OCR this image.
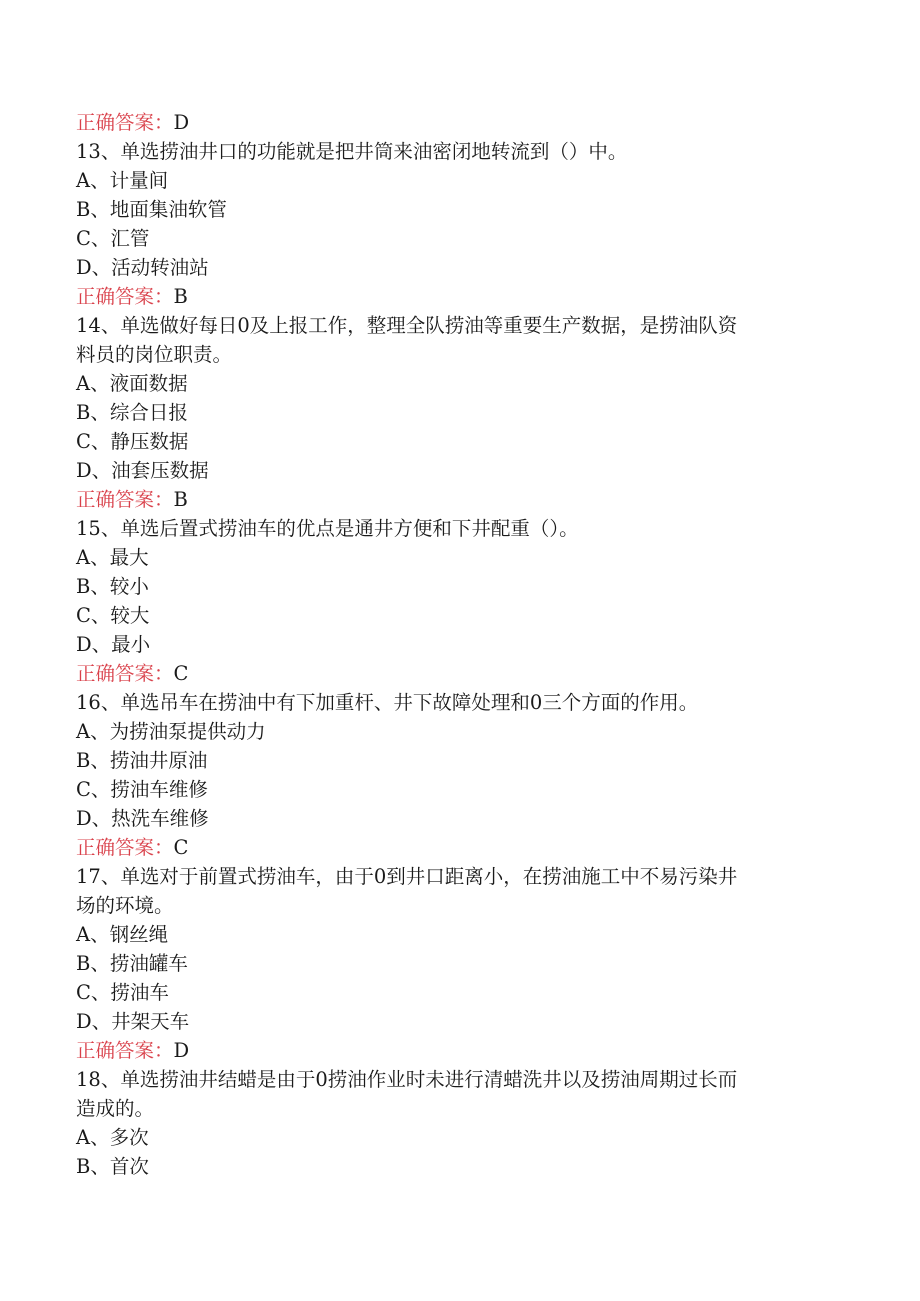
正确答案：D

13、单选捞油井口的功能就是把井筒来油密闭地转流到（）中。

A、计量间

B、地面集油软管

C、汇管

D、活动转油站

正确答案：B

14、单选做好每日0及上报工作，整理全队捞油等重要生产数据，是捞油队资

料员的岗位职责。

A、液面数据

B、综合日报

C、静压数据

D、油套压数据

正确答案：B

15、单选后置式捞油车的优点是通井方便和下井配重（）。

A、最大

B、较小

C、较大

D、最小

正确答案：C

16、单选吊车在捞油中有下加重杆、井下故障处理和0三个方面的作用。

A、为捞油泵提供动力

B、捞油井原油

C、捞油车维修

D、热洗车维修

正确答案：C

17、单选对于前置式捞油车，由于0到井口距离小，在捞油施工中不易污染井

场的环境。

A、钢丝绳

B、捞油罐车

C、捞油车

D、井架天车

正确答案：D

18、单选捞油井结蜡是由于0捞油作业时未进行清蜡洗井以及捞油周期过长而

造成的。

A、多次

B、首次
